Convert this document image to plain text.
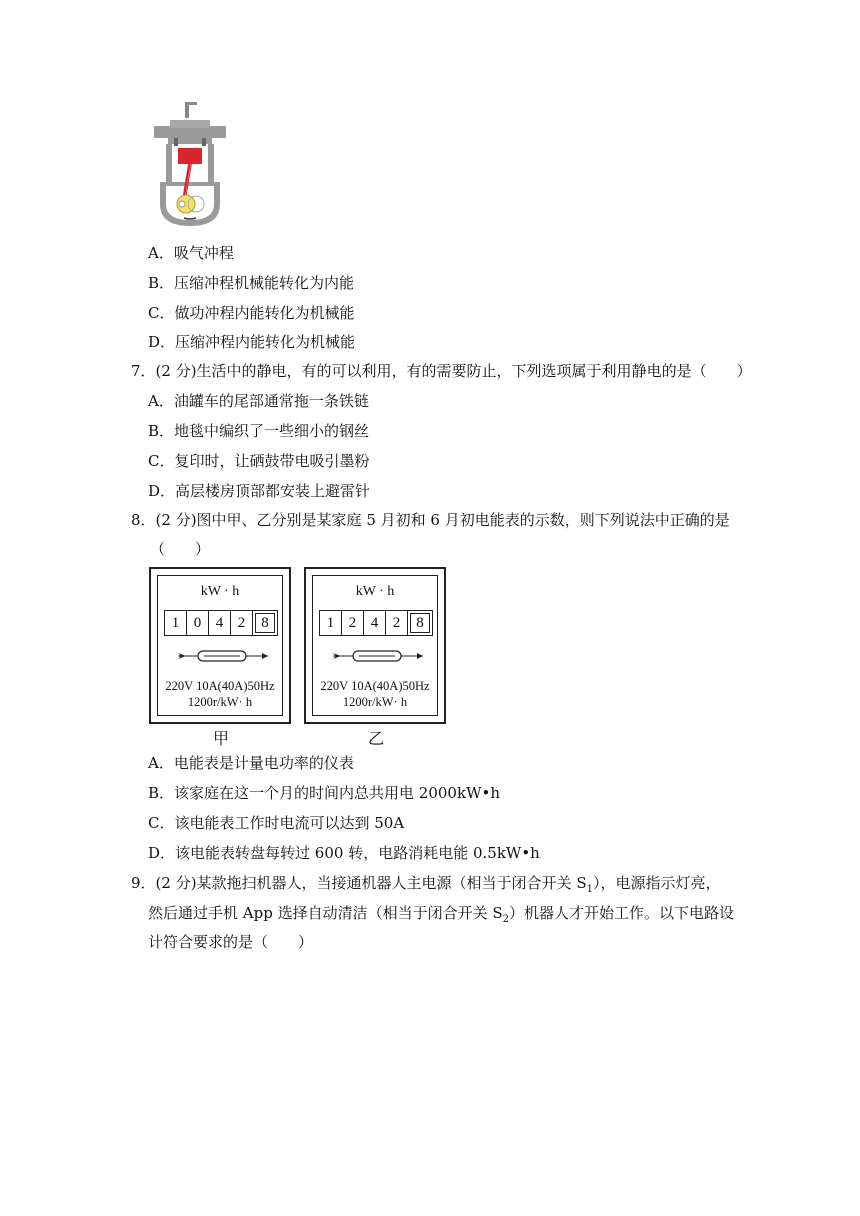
A．吸气冲程
B．压缩冲程机械能转化为内能
C．做功冲程内能转化为机械能
D．压缩冲程内能转化为机械能
7．(2 分)生活中的静电，有的可以利用，有的需要防止，下列选项属于利用静电的是（　　）
A．油罐车的尾部通常拖一条铁链
B．地毯中编织了一些细小的钢丝
C．复印时，让硒鼓带电吸引墨粉
D．高层楼房顶部都安装上避雷针
8．(2 分)图中甲、乙分别是某家庭 5 月初和 6 月初电能表的示数，则下列说法中正确的是
（　　）
kW · h
1 0 4 2	8
220V 10A(40A)50Hz
1200r/kW· h
甲
kW · h
1 2 4 2	8
220V 10A(40A)50Hz
1200r/kW· h
乙
A．电能表是计量电功率的仪表
B．该家庭在这一个月的时间内总共用电 2000kW•h
C．该电能表工作时电流可以达到 50A
D．该电能表转盘每转过 600 转，电路消耗电能 0.5kW•h
9．(2 分)某款拖扫机器人，当接通机器人主电源（相当于闭合开关 $S_1$），电源指示灯亮，
然后通过手机 App 选择自动清洁（相当于闭合开关 $S_2$）机器人才开始工作。以下电路设
计符合要求的是（　　）
